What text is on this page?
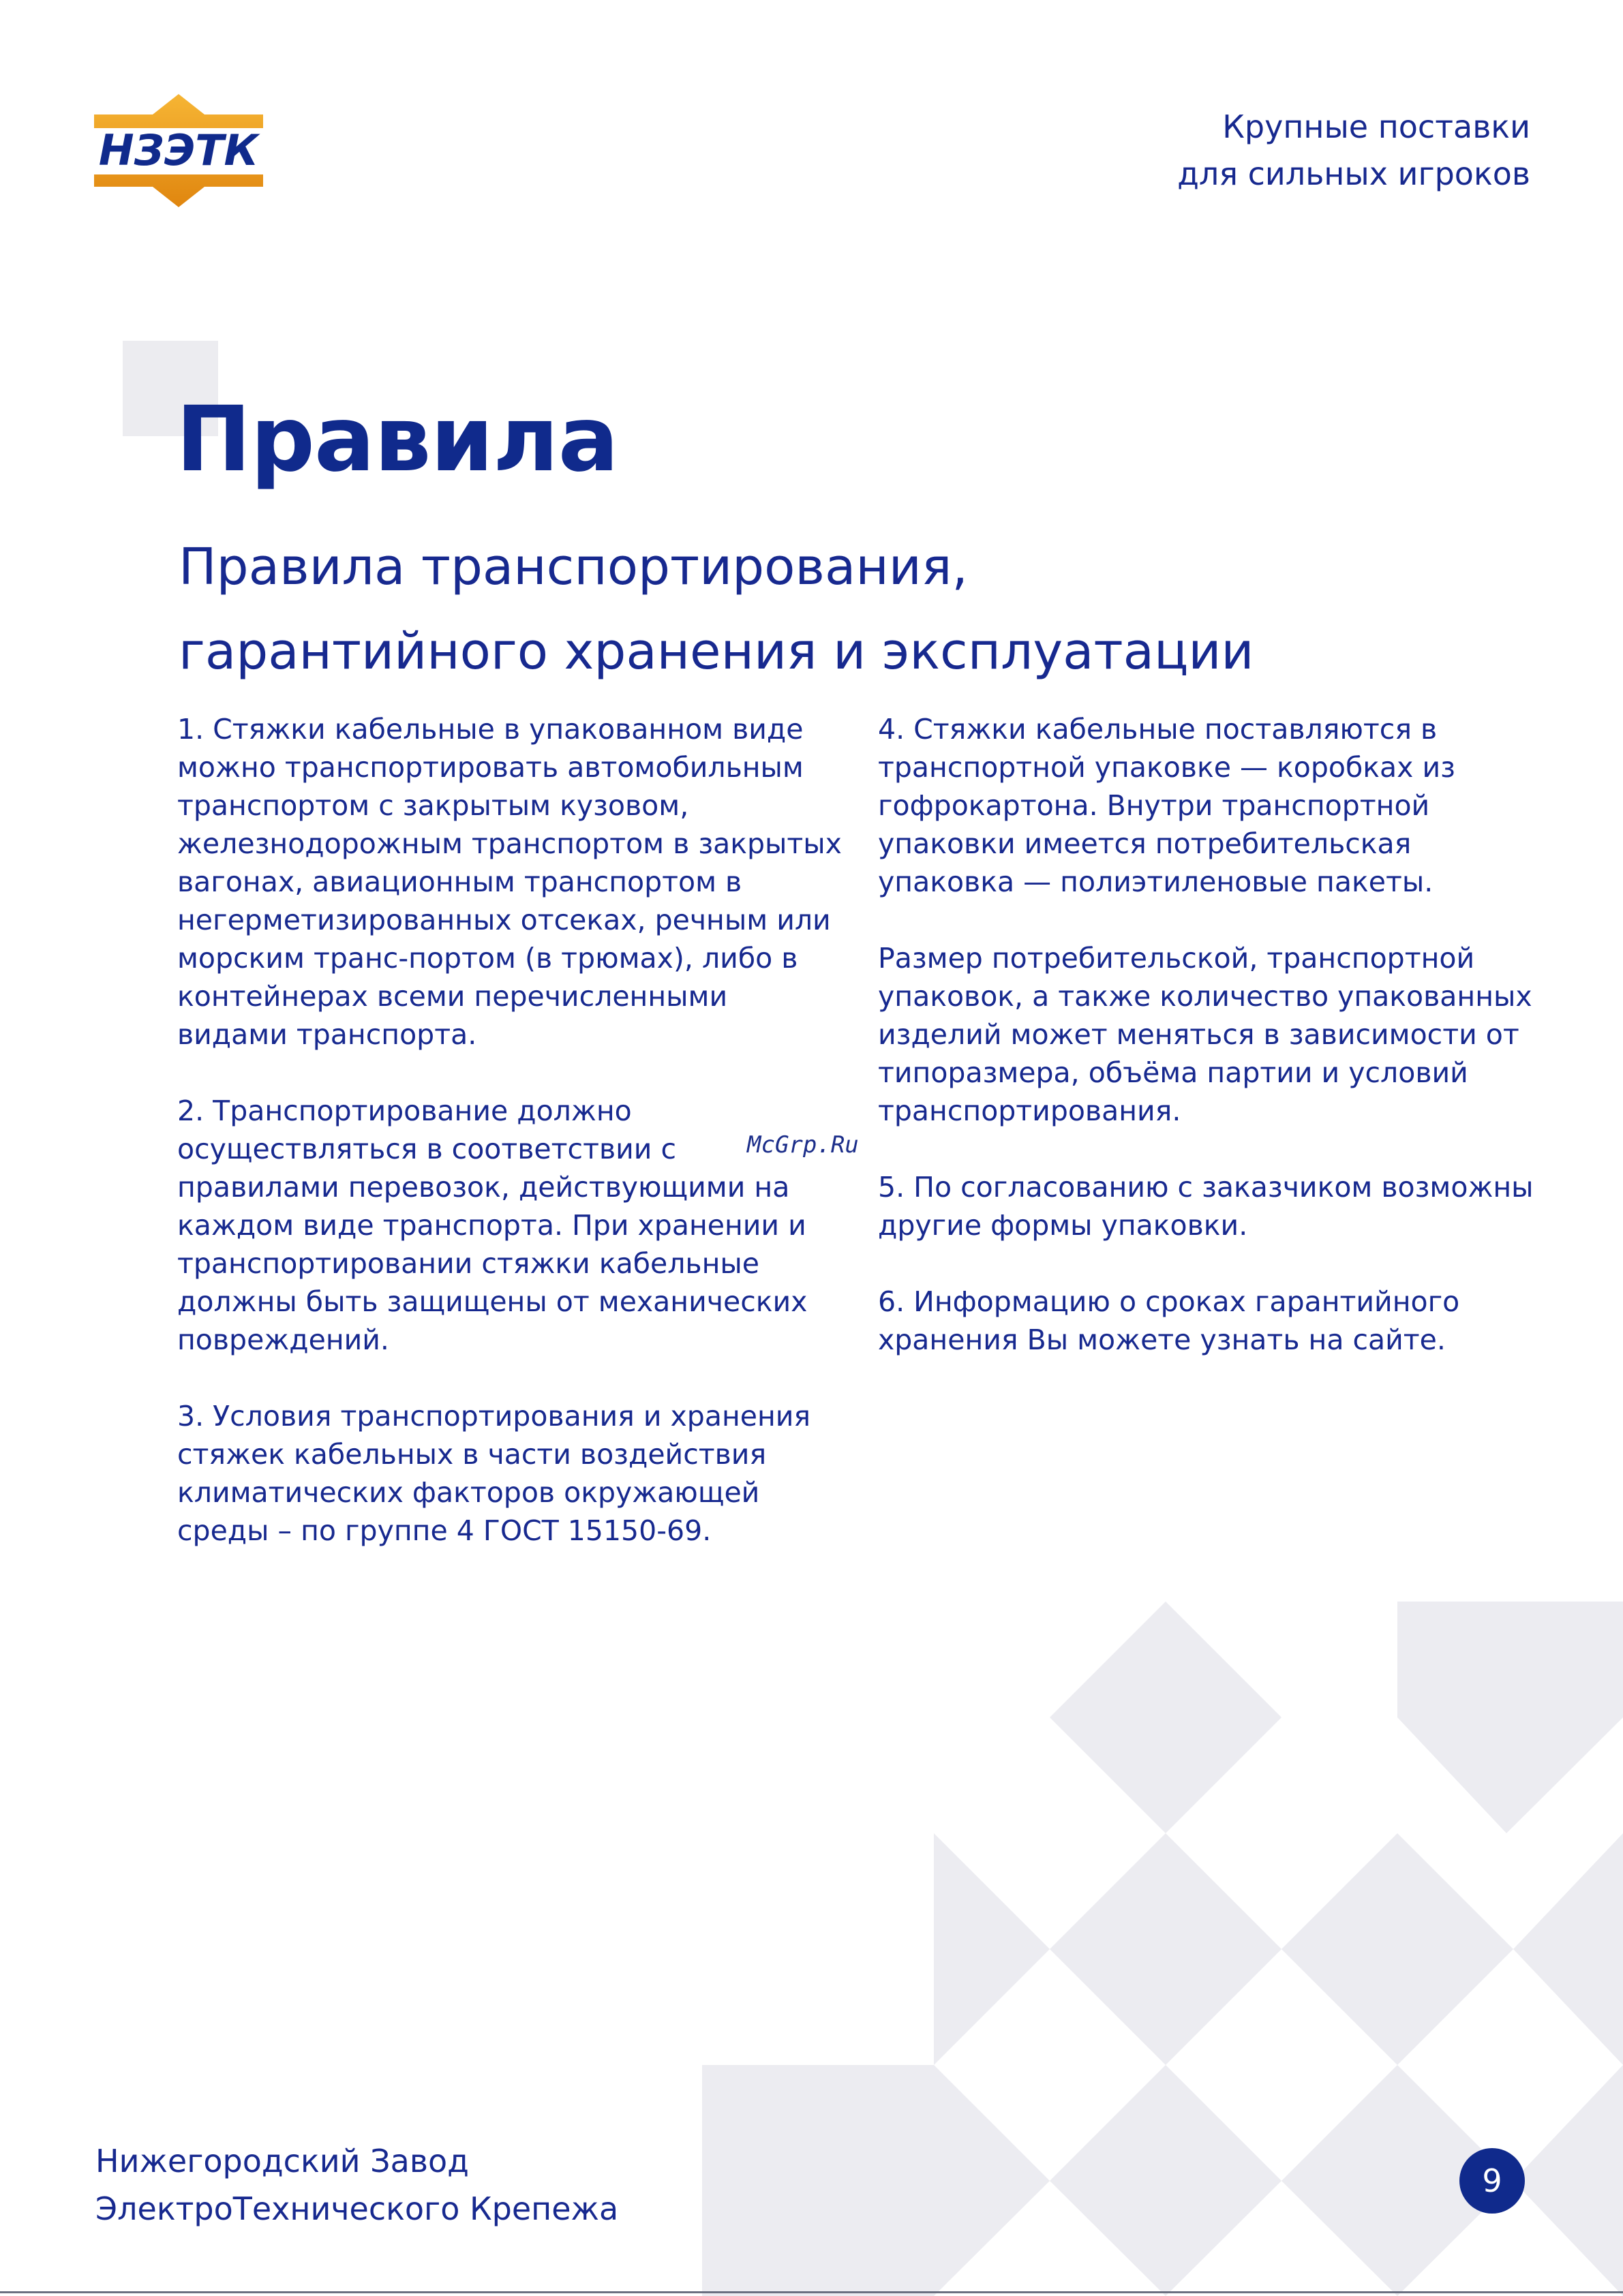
НЗЭТК	Крупные поставки
для сильных игроков
Правила
Правила транспортирования,
гарантийного хранения и эксплуатации

1. Стяжки кабельные в упакованном виде можно транспортировать автомобильным транспортом с закрытым кузовом, железнодорожным транспортом в закрытых вагонах, авиационным транспортом в негерметизированных отсеках, речным или морским транс-портом (в трюмах), либо в контейнерах всеми перечисленными видами транспорта.

2. Транспортирование должно осуществляться в соответствии с правилами перевозок, действующими на каждом виде транспорта. При хранении и транспортировании стяжки кабельные должны быть защищены от механических повреждений.

3. Условия транспортирования и хранения стяжек кабельных в части воздействия климатических факторов окружающей среды – по группе 4 ГОСТ 15150-69.

4. Стяжки кабельные поставляются в транспортной упаковке — коробках из гофрокартона. Внутри транспортной упаковки имеется потребительская упаковка — полиэтиленовые пакеты.

Размер потребительской, транспортной упаковок, а также количество упакованных изделий может меняться в зависимости от типоразмера, объёма партии и условий транспортирования.

5. По согласованию с заказчиком возможны другие формы упаковки.

6. Информацию о сроках гарантийного хранения Вы можете узнать на сайте.

McGrp.Ru
Нижегородский Завод
ЭлектроТехнического Крепежа
9
